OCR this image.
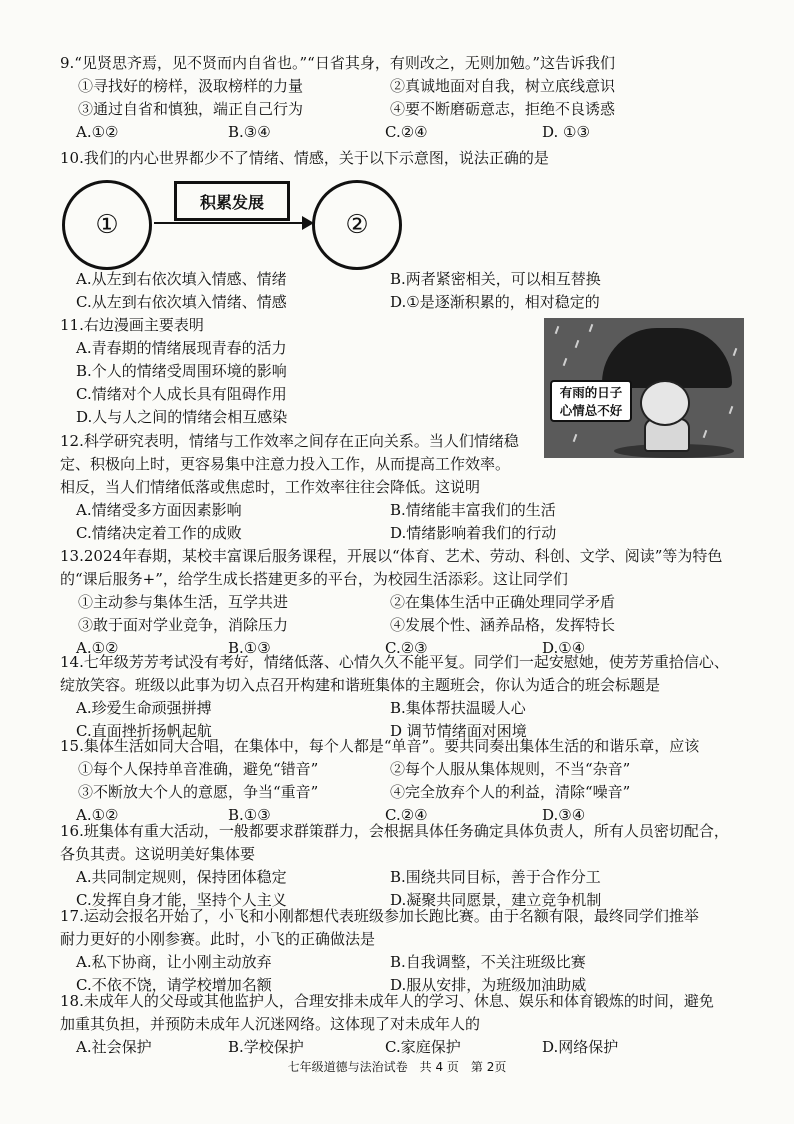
9.“见贤思齐焉，见不贤而内自省也。”“日省其身，有则改之，无则加勉。”这告诉我们
①寻找好的榜样，汲取榜样的力量	②真诚地面对自我，树立底线意识
③通过自省和慎独，端正自己行为	④要不断磨砺意志，拒绝不良诱惑
A.①②	B.③④	C.②④	D. ①③
10.我们的内心世界都少不了情绪、情感，关于以下示意图，说法正确的是
①
积累发展
②
A.从左到右依次填入情感、情绪	B.两者紧密相关，可以相互替换
C.从左到右依次填入情绪、情感	D.①是逐渐积累的，相对稳定的
11.右边漫画主要表明
A.青春期的情绪展现青春的活力
B.个人的情绪受周围环境的影响
C.情绪对个人成长具有阻碍作用
D.人与人之间的情绪会相互感染
有雨的日子
心情总不好
12.科学研究表明，情绪与工作效率之间存在正向关系。当人们情绪稳
定、积极向上时，更容易集中注意力投入工作，从而提高工作效率。
相反，当人们情绪低落或焦虑时，工作效率往往会降低。这说明
A.情绪受多方面因素影响	B.情绪能丰富我们的生活
C.情绪决定着工作的成败	D.情绪影响着我们的行动
13.2024年春期，某校丰富课后服务课程，开展以“体育、艺术、劳动、科创、文学、阅读”等为特色
的“课后服务+”，给学生成长搭建更多的平台，为校园生活添彩。这让同学们
①主动参与集体生活，互学共进	②在集体生活中正确处理同学矛盾
③敢于面对学业竞争，消除压力	④发展个性、涵养品格，发挥特长
A.①②	B.①③	C.②③	D.①④
14.七年级芳芳考试没有考好，情绪低落、心情久久不能平复。同学们一起安慰她，使芳芳重拾信心、
绽放笑容。班级以此事为切入点召开构建和谐班集体的主题班会，你认为适合的班会标题是
A.珍爱生命顽强拼搏	B.集体帮扶温暖人心
C.直面挫折扬帆起航	D 调节情绪面对困境
15.集体生活如同大合唱，在集体中，每个人都是“单音”。要共同奏出集体生活的和谐乐章，应该
①每个人保持单音准确，避免“错音”	②每个人服从集体规则，不当“杂音”
③不断放大个人的意愿，争当“重音”	④完全放弃个人的利益，清除“噪音”
A.①②	B.①③	C.②④	D.③④
16.班集体有重大活动，一般都要求群策群力，会根据具体任务确定具体负责人，所有人员密切配合，
各负其责。这说明美好集体要
A.共同制定规则，保持团体稳定	B.围绕共同目标，善于合作分工
C.发挥自身才能，坚持个人主义	D.凝聚共同愿景，建立竞争机制
17.运动会报名开始了，小飞和小刚都想代表班级参加长跑比赛。由于名额有限，最终同学们推举
耐力更好的小刚参赛。此时，小飞的正确做法是
A.私下协商，让小刚主动放弃	B.自我调整，不关注班级比赛
C.不依不饶，请学校增加名额	D.服从安排，为班级加油助威
18.未成年人的父母或其他监护人，合理安排未成年人的学习、休息、娱乐和体育锻炼的时间，避免
加重其负担，并预防未成年人沉迷网络。这体现了对未成年人的
A.社会保护	B.学校保护	C.家庭保护	D.网络保护
七年级道德与法治试卷　共 4 页　第 2页
